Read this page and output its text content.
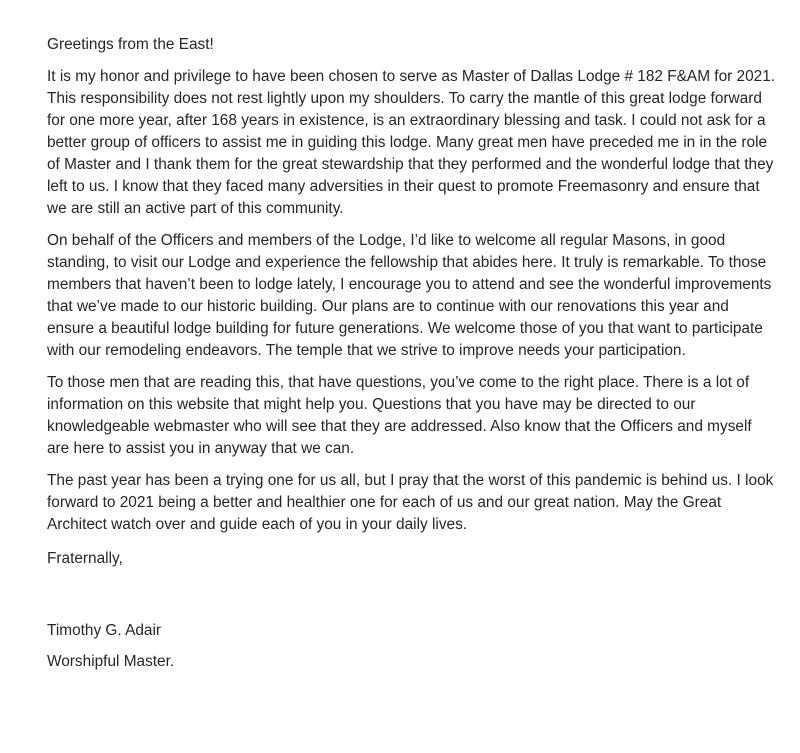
Greetings from the East!

It is my honor and privilege to have been chosen to serve as Master of Dallas Lodge # 182 F&AM for 2021. This responsibility does not rest lightly upon my shoulders. To carry the mantle of this great lodge forward for one more year, after 168 years in existence, is an extraordinary blessing and task. I could not ask for a better group of officers to assist me in guiding this lodge. Many great men have preceded me in in the role of Master and I thank them for the great stewardship that they performed and the wonderful lodge that they left to us. I know that they faced many adversities in their quest to promote Freemasonry and ensure that we are still an active part of this community.

On behalf of the Officers and members of the Lodge, I’d like to welcome all regular Masons, in good standing, to visit our Lodge and experience the fellowship that abides here. It truly is remarkable. To those members that haven’t been to lodge lately, I encourage you to attend and see the wonderful improvements that we’ve made to our historic building. Our plans are to continue with our renovations this year and ensure a beautiful lodge building for future generations. We welcome those of you that want to participate with our remodeling endeavors. The temple that we strive to improve needs your participation.

To those men that are reading this, that have questions, you’ve come to the right place. There is a lot of information on this website that might help you. Questions that you have may be directed to our knowledgeable webmaster who will see that they are addressed. Also know that the Officers and myself are here to assist you in anyway that we can.

The past year has been a trying one for us all, but I pray that the worst of this pandemic is behind us. I look forward to 2021 being a better and healthier one for each of us and our great nation. May the Great Architect watch over and guide each of you in your daily lives.

Fraternally,

Timothy G. Adair

Worshipful Master.
